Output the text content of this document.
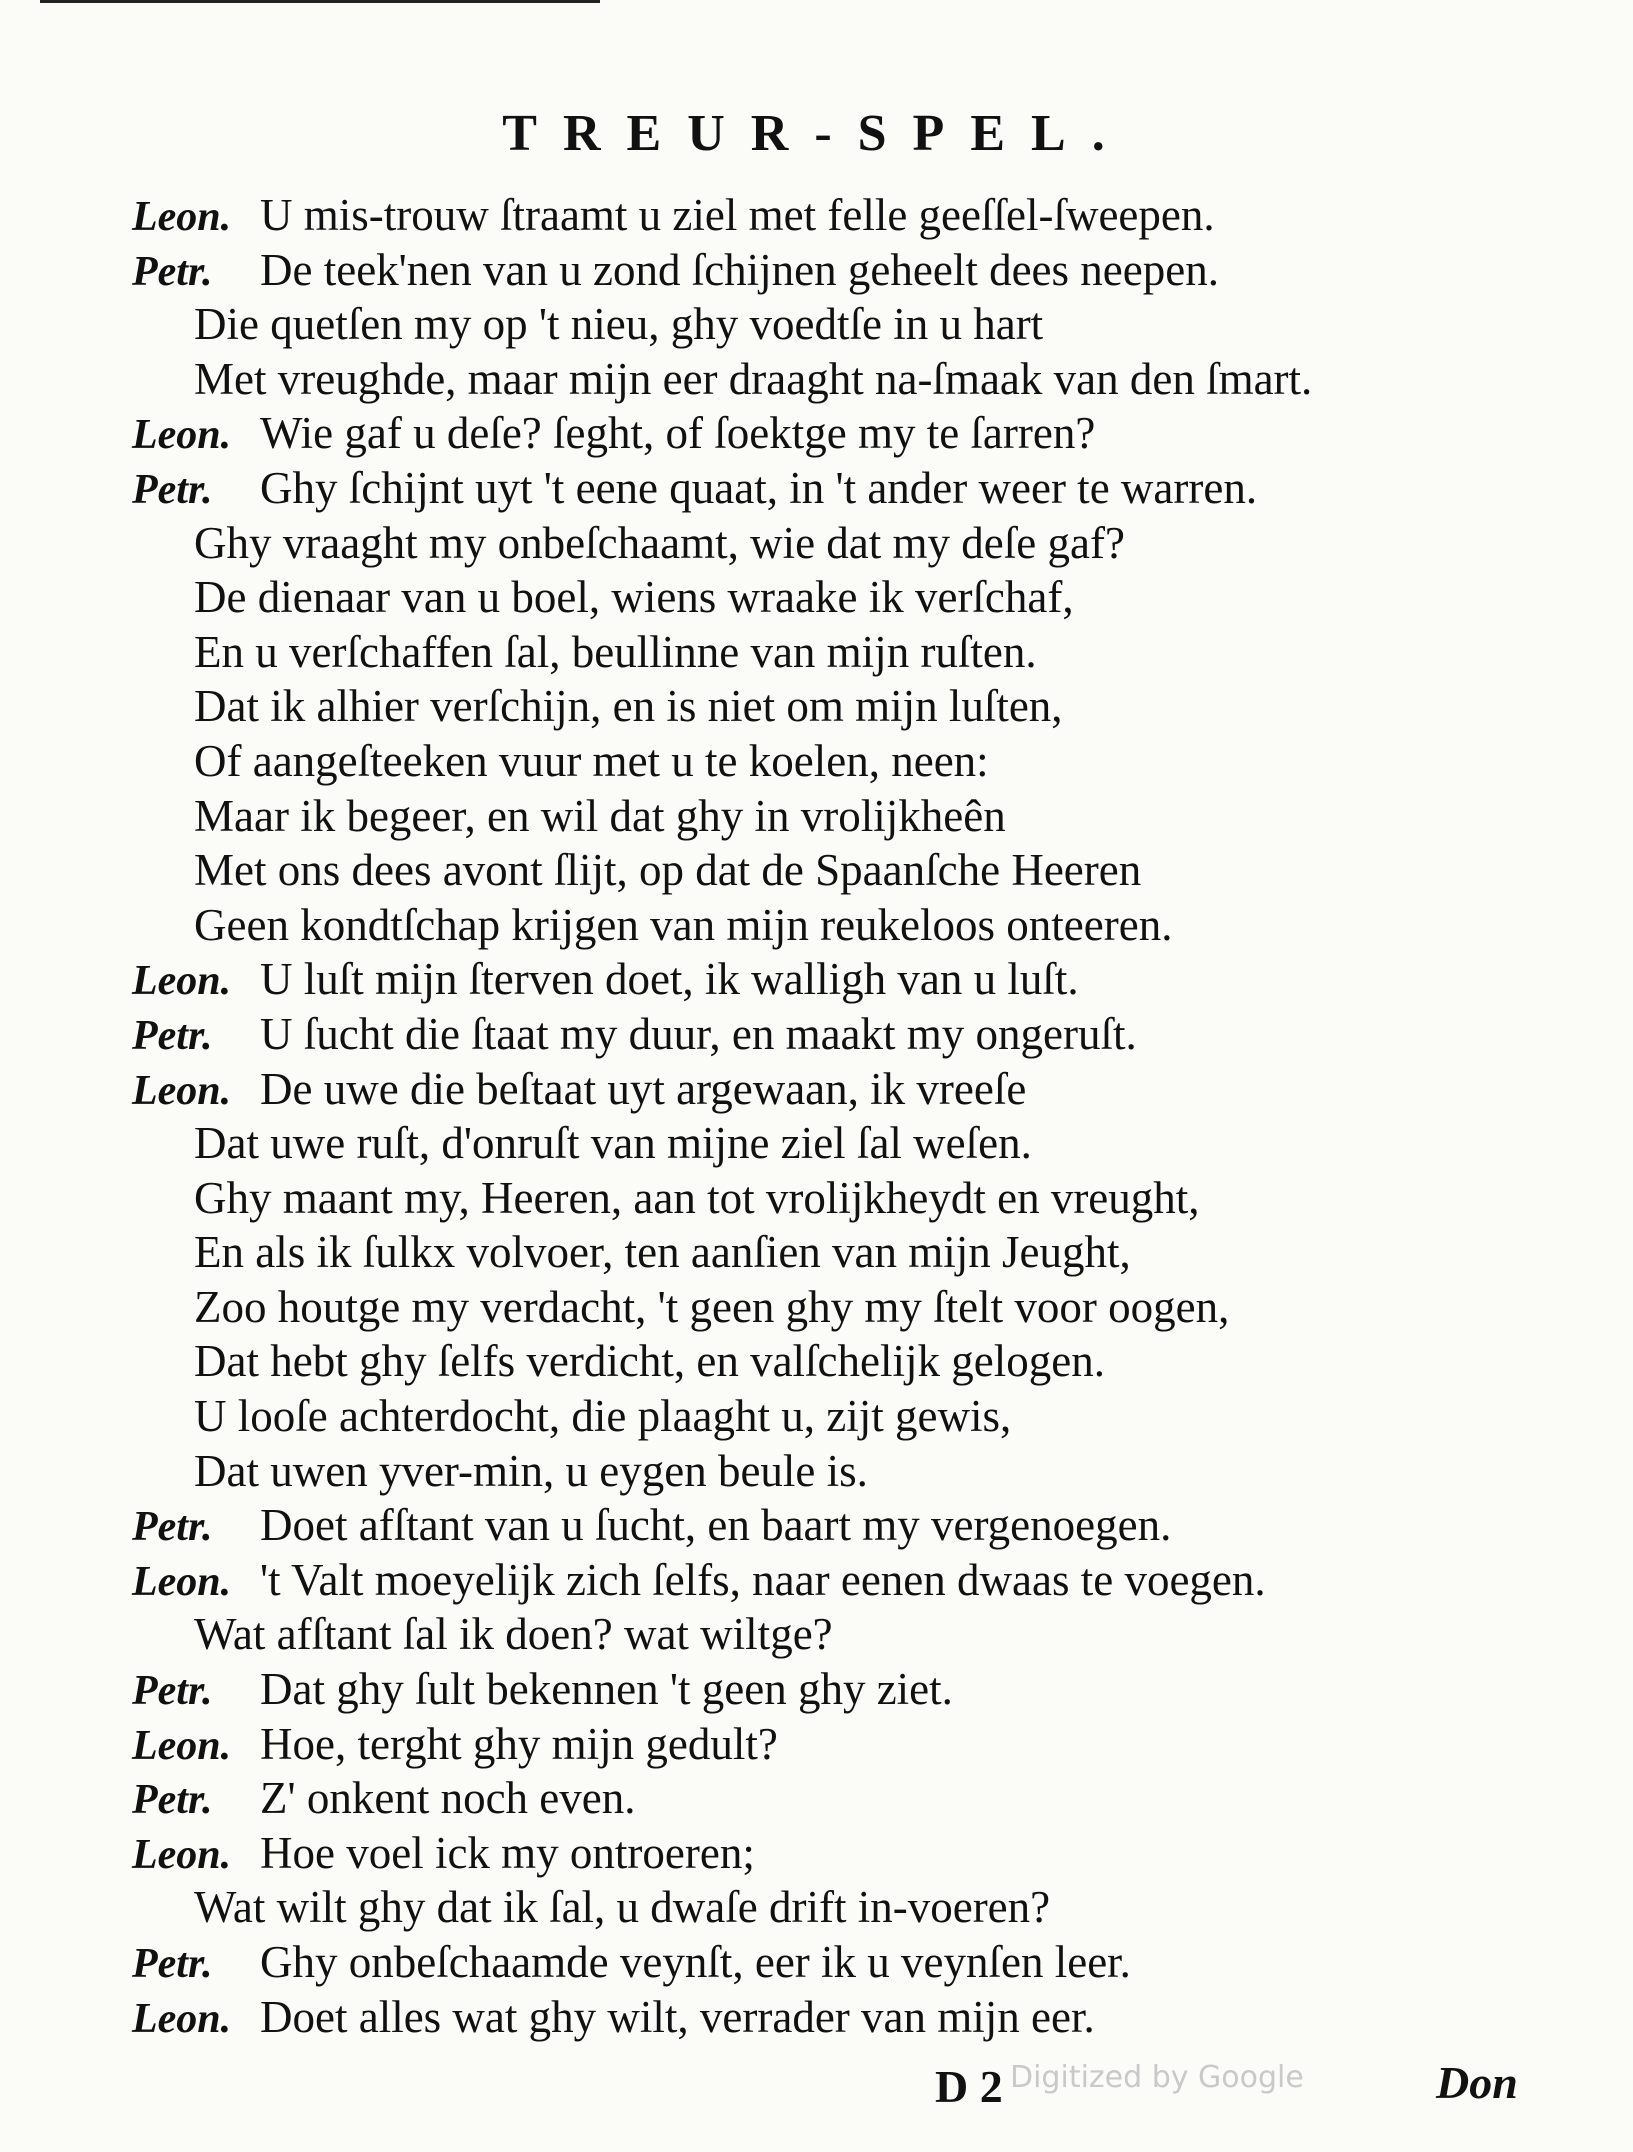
TREUR-SPEL.
Leon. U mis-trouw ſtraamt u ziel met felle geeſſel-ſweepen.
Petr. De teek'nen van u zond ſchijnen geheelt dees neepen.
Die quetſen my op 't nieu, ghy voedtſe in u hart
Met vreughde, maar mijn eer draaght na-ſmaak van den ſmart.
Leon. Wie gaf u deſe? ſeght, of ſoektge my te ſarren?
Petr. Ghy ſchijnt uyt 't eene quaat, in 't ander weer te warren.
Ghy vraaght my onbeſchaamt, wie dat my deſe gaf?
De dienaar van u boel, wiens wraake ik verſchaf,
En u verſchaffen ſal, beullinne van mijn ruſten.
Dat ik alhier verſchijn, en is niet om mijn luſten,
Of aangeſteeken vuur met u te koelen, neen:
Maar ik begeer, en wil dat ghy in vrolijkheên
Met ons dees avont ſlijt, op dat de Spaanſche Heeren
Geen kondtſchap krijgen van mijn reukeloos onteeren.
Leon. U luſt mijn ſterven doet, ik walligh van u luſt.
Petr. U ſucht die ſtaat my duur, en maakt my ongeruſt.
Leon. De uwe die beſtaat uyt argewaan, ik vreeſe
Dat uwe ruſt, d'onruſt van mijne ziel ſal weſen.
Ghy maant my, Heeren, aan tot vrolijkheydt en vreught,
En als ik ſulkx volvoer, ten aanſien van mijn Jeught,
Zoo houtge my verdacht, 't geen ghy my ſtelt voor oogen,
Dat hebt ghy ſelfs verdicht, en valſchelijk gelogen.
U looſe achterdocht, die plaaght u, zijt gewis,
Dat uwen yver-min, u eygen beule is.
Petr. Doet afſtant van u ſucht, en baart my vergenoegen.
Leon. 't Valt moeyelijk zich ſelfs, naar eenen dwaas te voegen.
Wat afſtant ſal ik doen? wat wiltge?
Petr. Dat ghy ſult bekennen 't geen ghy ziet.
Leon. Hoe, terght ghy mijn gedult?
Petr. Z' onkent noch even.
Leon. Hoe voel ick my ontroeren;
Wat wilt ghy dat ik ſal, u dwaſe drift in-voeren?
Petr. Ghy onbeſchaamde veynſt, eer ik u veynſen leer.
Leon. Doet alles wat ghy wilt, verrader van mijn eer.
Digitized by Google
D 2	Don
